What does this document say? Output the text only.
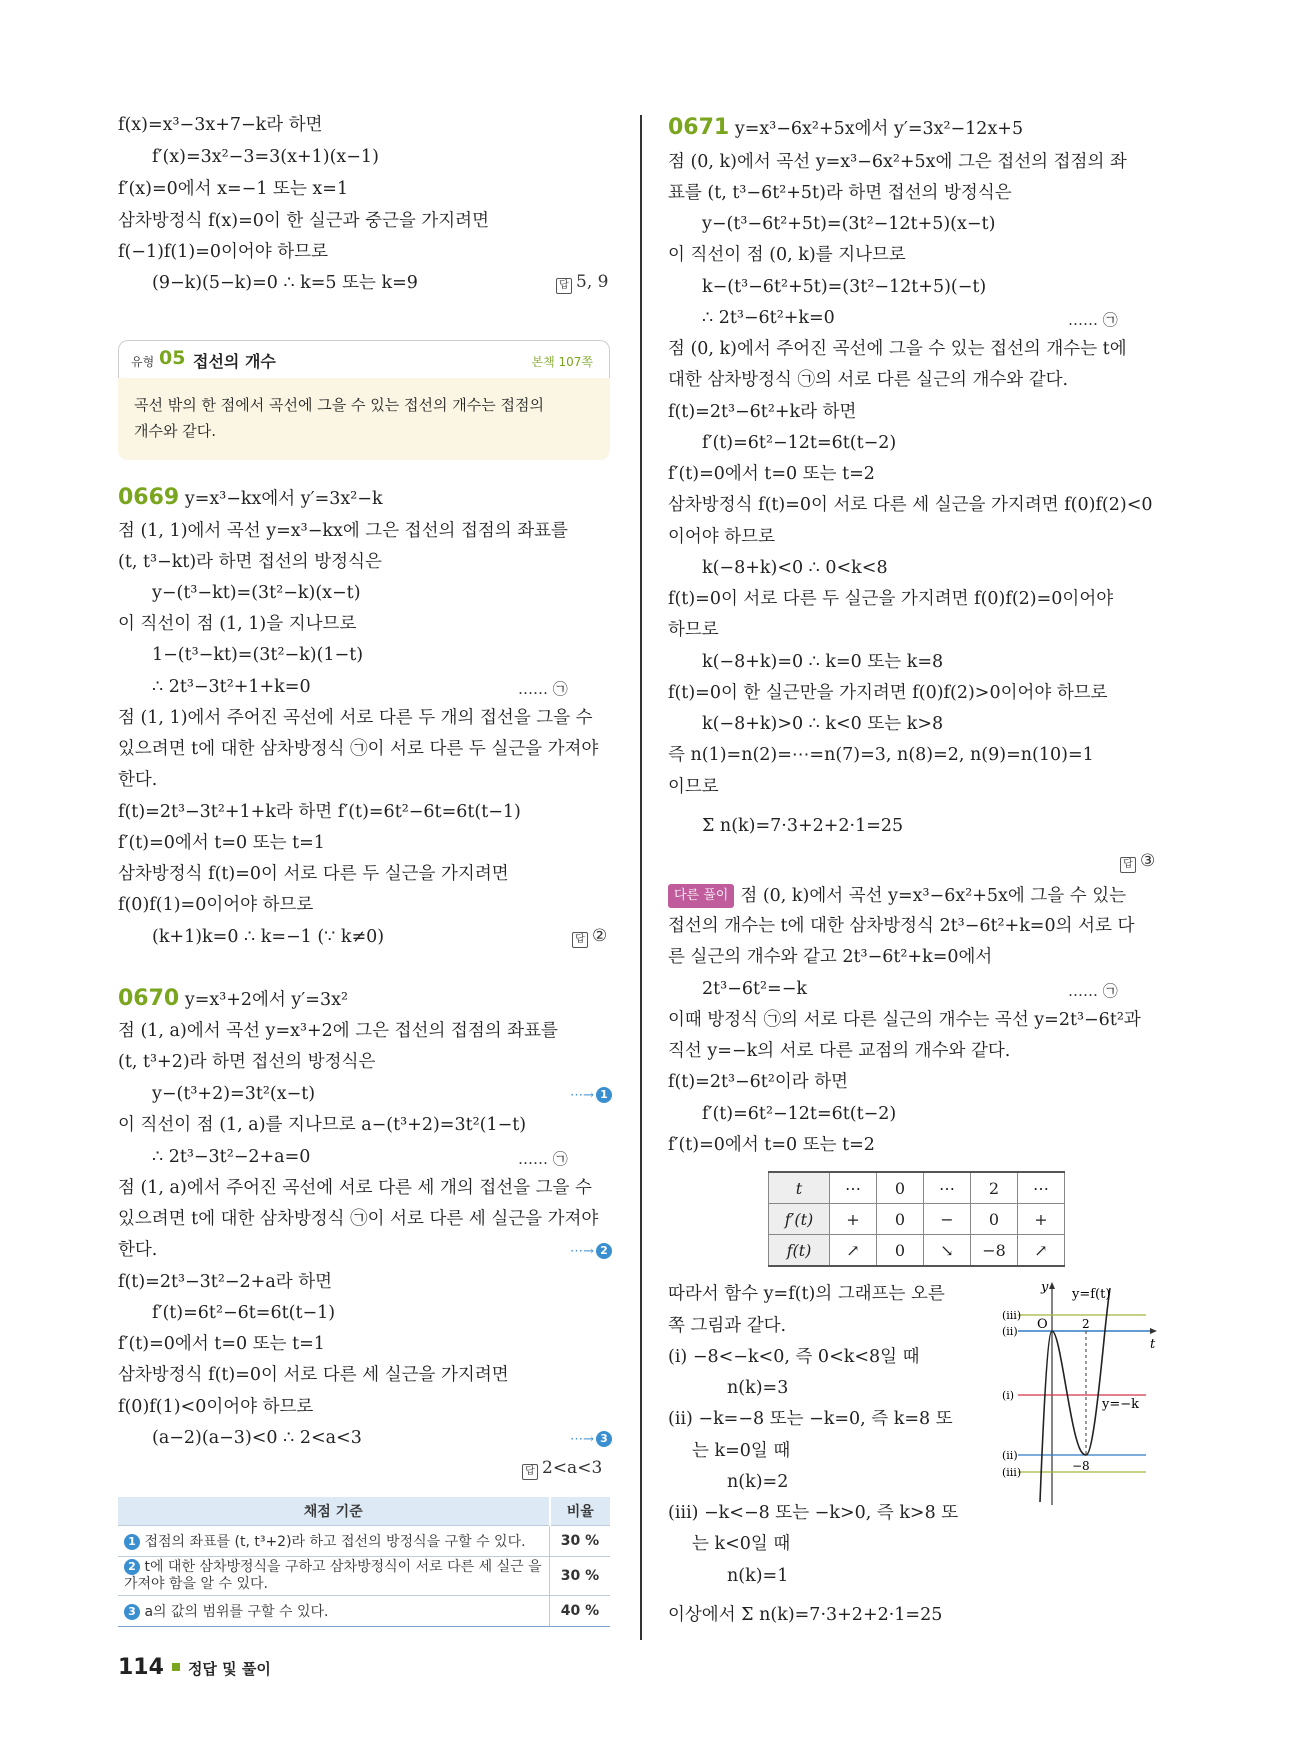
f(x)=x³−3x+7−k라 하면
f′(x)=3x²−3=3(x+1)(x−1)
f′(x)=0에서 x=−1 또는 x=1
삼차방정식 f(x)=0이 한 실근과 중근을 가지려면
f(−1)f(1)=0이어야 하므로
(9−k)(5−k)=0 ∴ k=5 또는 k=9	답 5, 9
유형 05 접선의 개수	본책 107쪽
곡선 밖의 한 점에서 곡선에 그을 수 있는 접선의 개수는 접점의
개수와 같다.
0669 y=x³−kx에서 y′=3x²−k
점 (1, 1)에서 곡선 y=x³−kx에 그은 접선의 접점의 좌표를
(t, t³−kt)라 하면 접선의 방정식은
y−(t³−kt)=(3t²−k)(x−t)
이 직선이 점 (1, 1)을 지나므로
1−(t³−kt)=(3t²−k)(1−t)
∴ 2t³−3t²+1+k=0	…… ㉠
점 (1, 1)에서 주어진 곡선에 서로 다른 두 개의 접선을 그을 수
있으려면 t에 대한 삼차방정식 ㉠이 서로 다른 두 실근을 가져야
한다.
f(t)=2t³−3t²+1+k라 하면 f′(t)=6t²−6t=6t(t−1)
f′(t)=0에서 t=0 또는 t=1
삼차방정식 f(t)=0이 서로 다른 두 실근을 가지려면
f(0)f(1)=0이어야 하므로
(k+1)k=0 ∴ k=−1 (∵ k≠0)	답 ②
0670 y=x³+2에서 y′=3x²
점 (1, a)에서 곡선 y=x³+2에 그은 접선의 접점의 좌표를
(t, t³+2)라 하면 접선의 방정식은
y−(t³+2)=3t²(x−t)	⋯→ 1
이 직선이 점 (1, a)를 지나므로 a−(t³+2)=3t²(1−t)
∴ 2t³−3t²−2+a=0	…… ㉠
점 (1, a)에서 주어진 곡선에 서로 다른 세 개의 접선을 그을 수
있으려면 t에 대한 삼차방정식 ㉠이 서로 다른 세 실근을 가져야
한다.	⋯→ 2
f(t)=2t³−3t²−2+a라 하면
f′(t)=6t²−6t=6t(t−1)
f′(t)=0에서 t=0 또는 t=1
삼차방정식 f(t)=0이 서로 다른 세 실근을 가지려면
f(0)f(1)<0이어야 하므로
(a−2)(a−3)<0 ∴ 2<a<3	⋯→ 3
답 2<a<3
채점 기준	비율
1 접점의 좌표를 (t, t³+2)라 하고 접선의 방정식을 구할 수 있다.	30 %
2 t에 대한 삼차방정식을 구하고 삼차방정식이 서로 다른 세 실근 을 가져야 함을 알 수 있다.	30 %
3 a의 값의 범위를 구할 수 있다.	40 %
114 정답 및 풀이
0671 y=x³−6x²+5x에서 y′=3x²−12x+5
점 (0, k)에서 곡선 y=x³−6x²+5x에 그은 접선의 접점의 좌
표를 (t, t³−6t²+5t)라 하면 접선의 방정식은
y−(t³−6t²+5t)=(3t²−12t+5)(x−t)
이 직선이 점 (0, k)를 지나므로
k−(t³−6t²+5t)=(3t²−12t+5)(−t)
∴ 2t³−6t²+k=0	…… ㉠
점 (0, k)에서 주어진 곡선에 그을 수 있는 접선의 개수는 t에
대한 삼차방정식 ㉠의 서로 다른 실근의 개수와 같다.
f(t)=2t³−6t²+k라 하면
f′(t)=6t²−12t=6t(t−2)
f′(t)=0에서 t=0 또는 t=2
삼차방정식 f(t)=0이 서로 다른 세 실근을 가지려면 f(0)f(2)<0
이어야 하므로
k(−8+k)<0 ∴ 0<k<8
f(t)=0이 서로 다른 두 실근을 가지려면 f(0)f(2)=0이어야
하므로
k(−8+k)=0 ∴ k=0 또는 k=8
f(t)=0이 한 실근만을 가지려면 f(0)f(2)>0이어야 하므로
k(−8+k)>0 ∴ k<0 또는 k>8
즉 n(1)=n(2)=⋯=n(7)=3, n(8)=2, n(9)=n(10)=1
이므로
Σ n(k)=7·3+2+2·1=25
답 ③
다른 풀이 점 (0, k)에서 곡선 y=x³−6x²+5x에 그을 수 있는
접선의 개수는 t에 대한 삼차방정식 2t³−6t²+k=0의 서로 다
른 실근의 개수와 같고 2t³−6t²+k=0에서
2t³−6t²=−k	…… ㉠
이때 방정식 ㉠의 서로 다른 실근의 개수는 곡선 y=2t³−6t²과
직선 y=−k의 서로 다른 교점의 개수와 같다.
f(t)=2t³−6t²이라 하면
f′(t)=6t²−12t=6t(t−2)
f′(t)=0에서 t=0 또는 t=2
t	⋯	0	⋯	2	⋯
f′(t)	+	0	−	0	+
f(t)	↗	0	↘	−8	↗
따라서 함수 y=f(t)의 그래프는 오른
쪽 그림과 같다.
(ⅰ) −8<−k<0, 즉 0<k<8일 때
n(k)=3
(ⅱ) −k=−8 또는 −k=0, 즉 k=8 또
는 k=0일 때
n(k)=2
(ⅲ) −k<−8 또는 −k>0, 즉 k>8 또
는 k<0일 때
n(k)=1
이상에서 Σ n(k)=7·3+2+2·1=25
y
t
O	2
−8
y=f(t)
y=−k
(ⅲ)
(ⅱ)
(ⅰ)
(ⅱ)
(ⅲ)
